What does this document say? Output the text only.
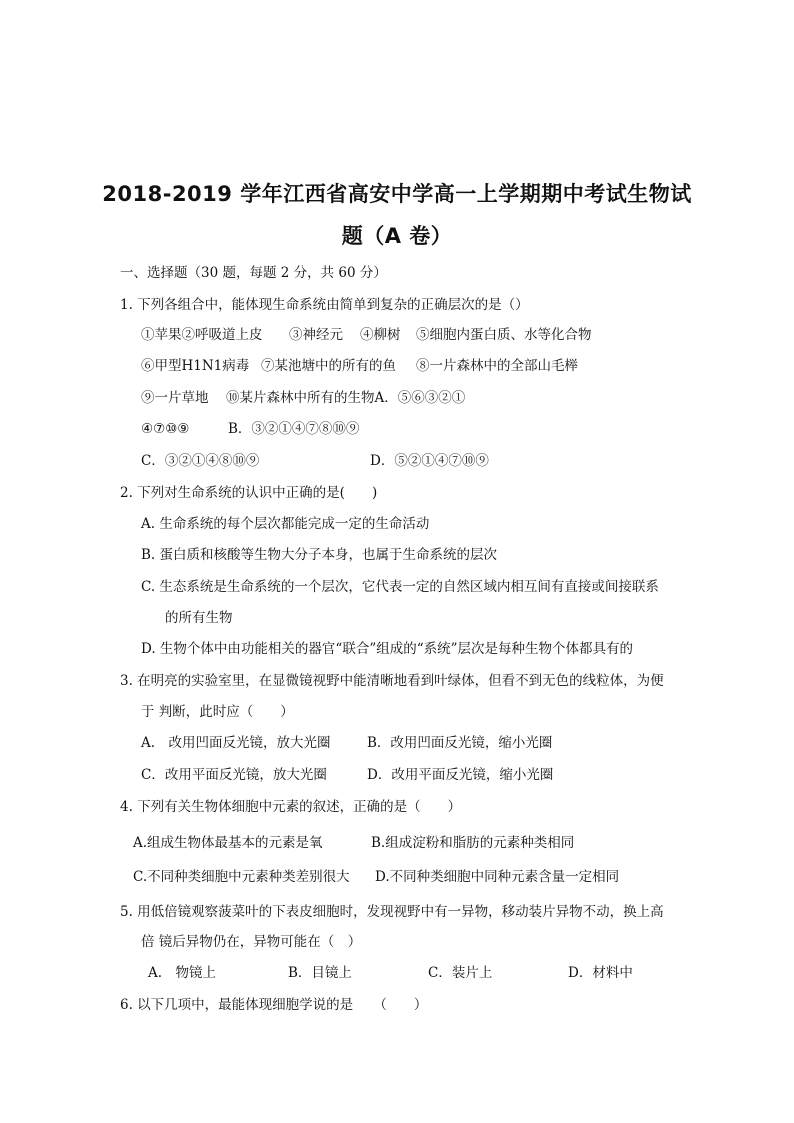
2018-2019 学年江西省高安中学高一上学期期中考试生物试
题（A 卷）
一、选择题（30 题，每题 2 分，共 60 分）
1. 下列各组合中，能体现生命系统由简单到复杂的正确层次的是（）
①苹果②呼吸道上皮 ③神经元 ④柳树 ⑤细胞内蛋白质、水等化合物
⑥甲型H1N1病毒 ⑦某池塘中的所有的鱼 ⑧一片森林中的全部山毛榉
⑨一片草地 ⑩某片森林中所有的生物A．⑤⑥③②①
④⑦⑩⑨	B．③②①④⑦⑧⑩⑨
C．③②①④⑧⑩⑨	D．⑤②①④⑦⑩⑨
2. 下列对生命系统的认识中正确的是(　　)
A. 生命系统的每个层次都能完成一定的生命活动
B. 蛋白质和核酸等生物大分子本身，也属于生命系统的层次
C. 生态系统是生命系统的一个层次，它代表一定的自然区域内相互间有直接或间接联系
的所有生物
D. 生物个体中由功能相关的器官“联合”组成的“系统”层次是每种生物个体都具有的
3. 在明亮的实验室里，在显微镜视野中能清晰地看到叶绿体，但看不到无色的线粒体，为便
于 判断，此时应（　　）
A.　改用凹面反光镜，放大光圈	B．改用凹面反光镜，缩小光圈
C．改用平面反光镜，放大光圈	D．改用平面反光镜，缩小光圈
4. 下列有关生物体细胞中元素的叙述，正确的是（　　）
A.组成生物体最基本的元素是氧	B.组成淀粉和脂肪的元素种类相同
C.不同种类细胞中元素种类差别很大 D.不同种类细胞中同种元素含量一定相同
5. 用低倍镜观察菠菜叶的下表皮细胞时，发现视野中有一异物，移动装片异物不动，换上高
倍 镜后异物仍在，异物可能在（　）
A.　物镜上	B．目镜上	C．装片上	D．材料中
6. 以下几项中，最能体现细胞学说的是　　（　　）
